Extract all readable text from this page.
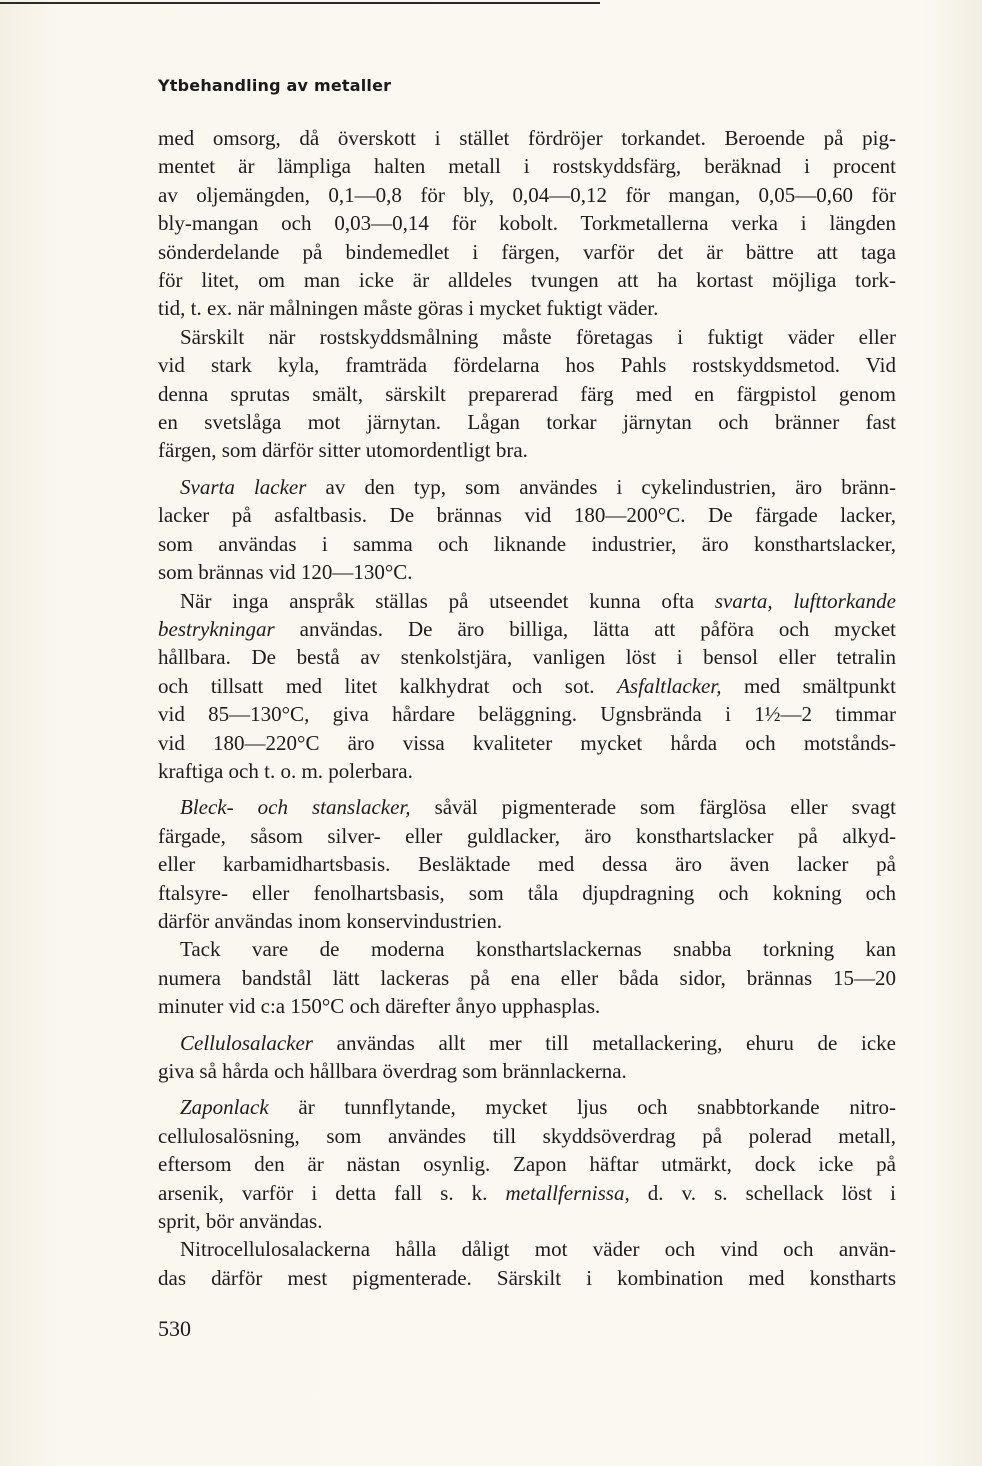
Ytbehandling av metaller

med omsorg, då överskott i stället fördröjer torkandet. Beroende på pig-

mentet är lämpliga halten metall i rostskyddsfärg, beräknad i procent

av oljemängden, 0,1—0,8 för bly, 0,04—0,12 för mangan, 0,05—0,60 för

bly-mangan och 0,03—0,14 för kobolt. Torkmetallerna verka i längden

sönderdelande på bindemedlet i färgen, varför det är bättre att taga

för litet, om man icke är alldeles tvungen att ha kortast möjliga tork-

tid, t. ex. när målningen måste göras i mycket fuktigt väder.

Särskilt när rostskyddsmålning måste företagas i fuktigt väder eller

vid stark kyla, framträda fördelarna hos Pahls rostskyddsmetod. Vid

denna sprutas smält, särskilt preparerad färg med en färgpistol genom

en svetslåga mot järnytan. Lågan torkar järnytan och bränner fast

färgen, som därför sitter utomordentligt bra.

Svarta lacker av den typ, som användes i cykelindustrien, äro bränn-

lacker på asfaltbasis. De brännas vid 180—200°C. De färgade lacker,

som användas i samma och liknande industrier, äro konsthartslacker,

som brännas vid 120—130°C.

När inga anspråk ställas på utseendet kunna ofta svarta, lufttorkande

bestrykningar användas. De äro billiga, lätta att påföra och mycket

hållbara. De bestå av stenkolstjära, vanligen löst i bensol eller tetralin

och tillsatt med litet kalkhydrat och sot. Asfaltlacker, med smältpunkt

vid 85—130°C, giva hårdare beläggning. Ugnsbrända i 1½—2 timmar

vid 180—220°C äro vissa kvaliteter mycket hårda och motstånds-

kraftiga och t. o. m. polerbara.

Bleck- och stanslacker, såväl pigmenterade som färglösa eller svagt

färgade, såsom silver- eller guldlacker, äro konsthartslacker på alkyd-

eller karbamidhartsbasis. Besläktade med dessa äro även lacker på

ftalsyre- eller fenolhartsbasis, som tåla djupdragning och kokning och

därför användas inom konservindustrien.

Tack vare de moderna konsthartslackernas snabba torkning kan

numera bandstål lätt lackeras på ena eller båda sidor, brännas 15—20

minuter vid c:a 150°C och därefter ånyo upphasplas.

Cellulosalacker användas allt mer till metallackering, ehuru de icke

giva så hårda och hållbara överdrag som brännlackerna.

Zaponlack är tunnflytande, mycket ljus och snabbtorkande nitro-

cellulosalösning, som användes till skyddsöverdrag på polerad metall,

eftersom den är nästan osynlig. Zapon häftar utmärkt, dock icke på

arsenik, varför i detta fall s. k. metallfernissa, d. v. s. schellack löst i

sprit, bör användas.

Nitrocellulosalackerna hålla dåligt mot väder och vind och använ-

das därför mest pigmenterade. Särskilt i kombination med konstharts

530
